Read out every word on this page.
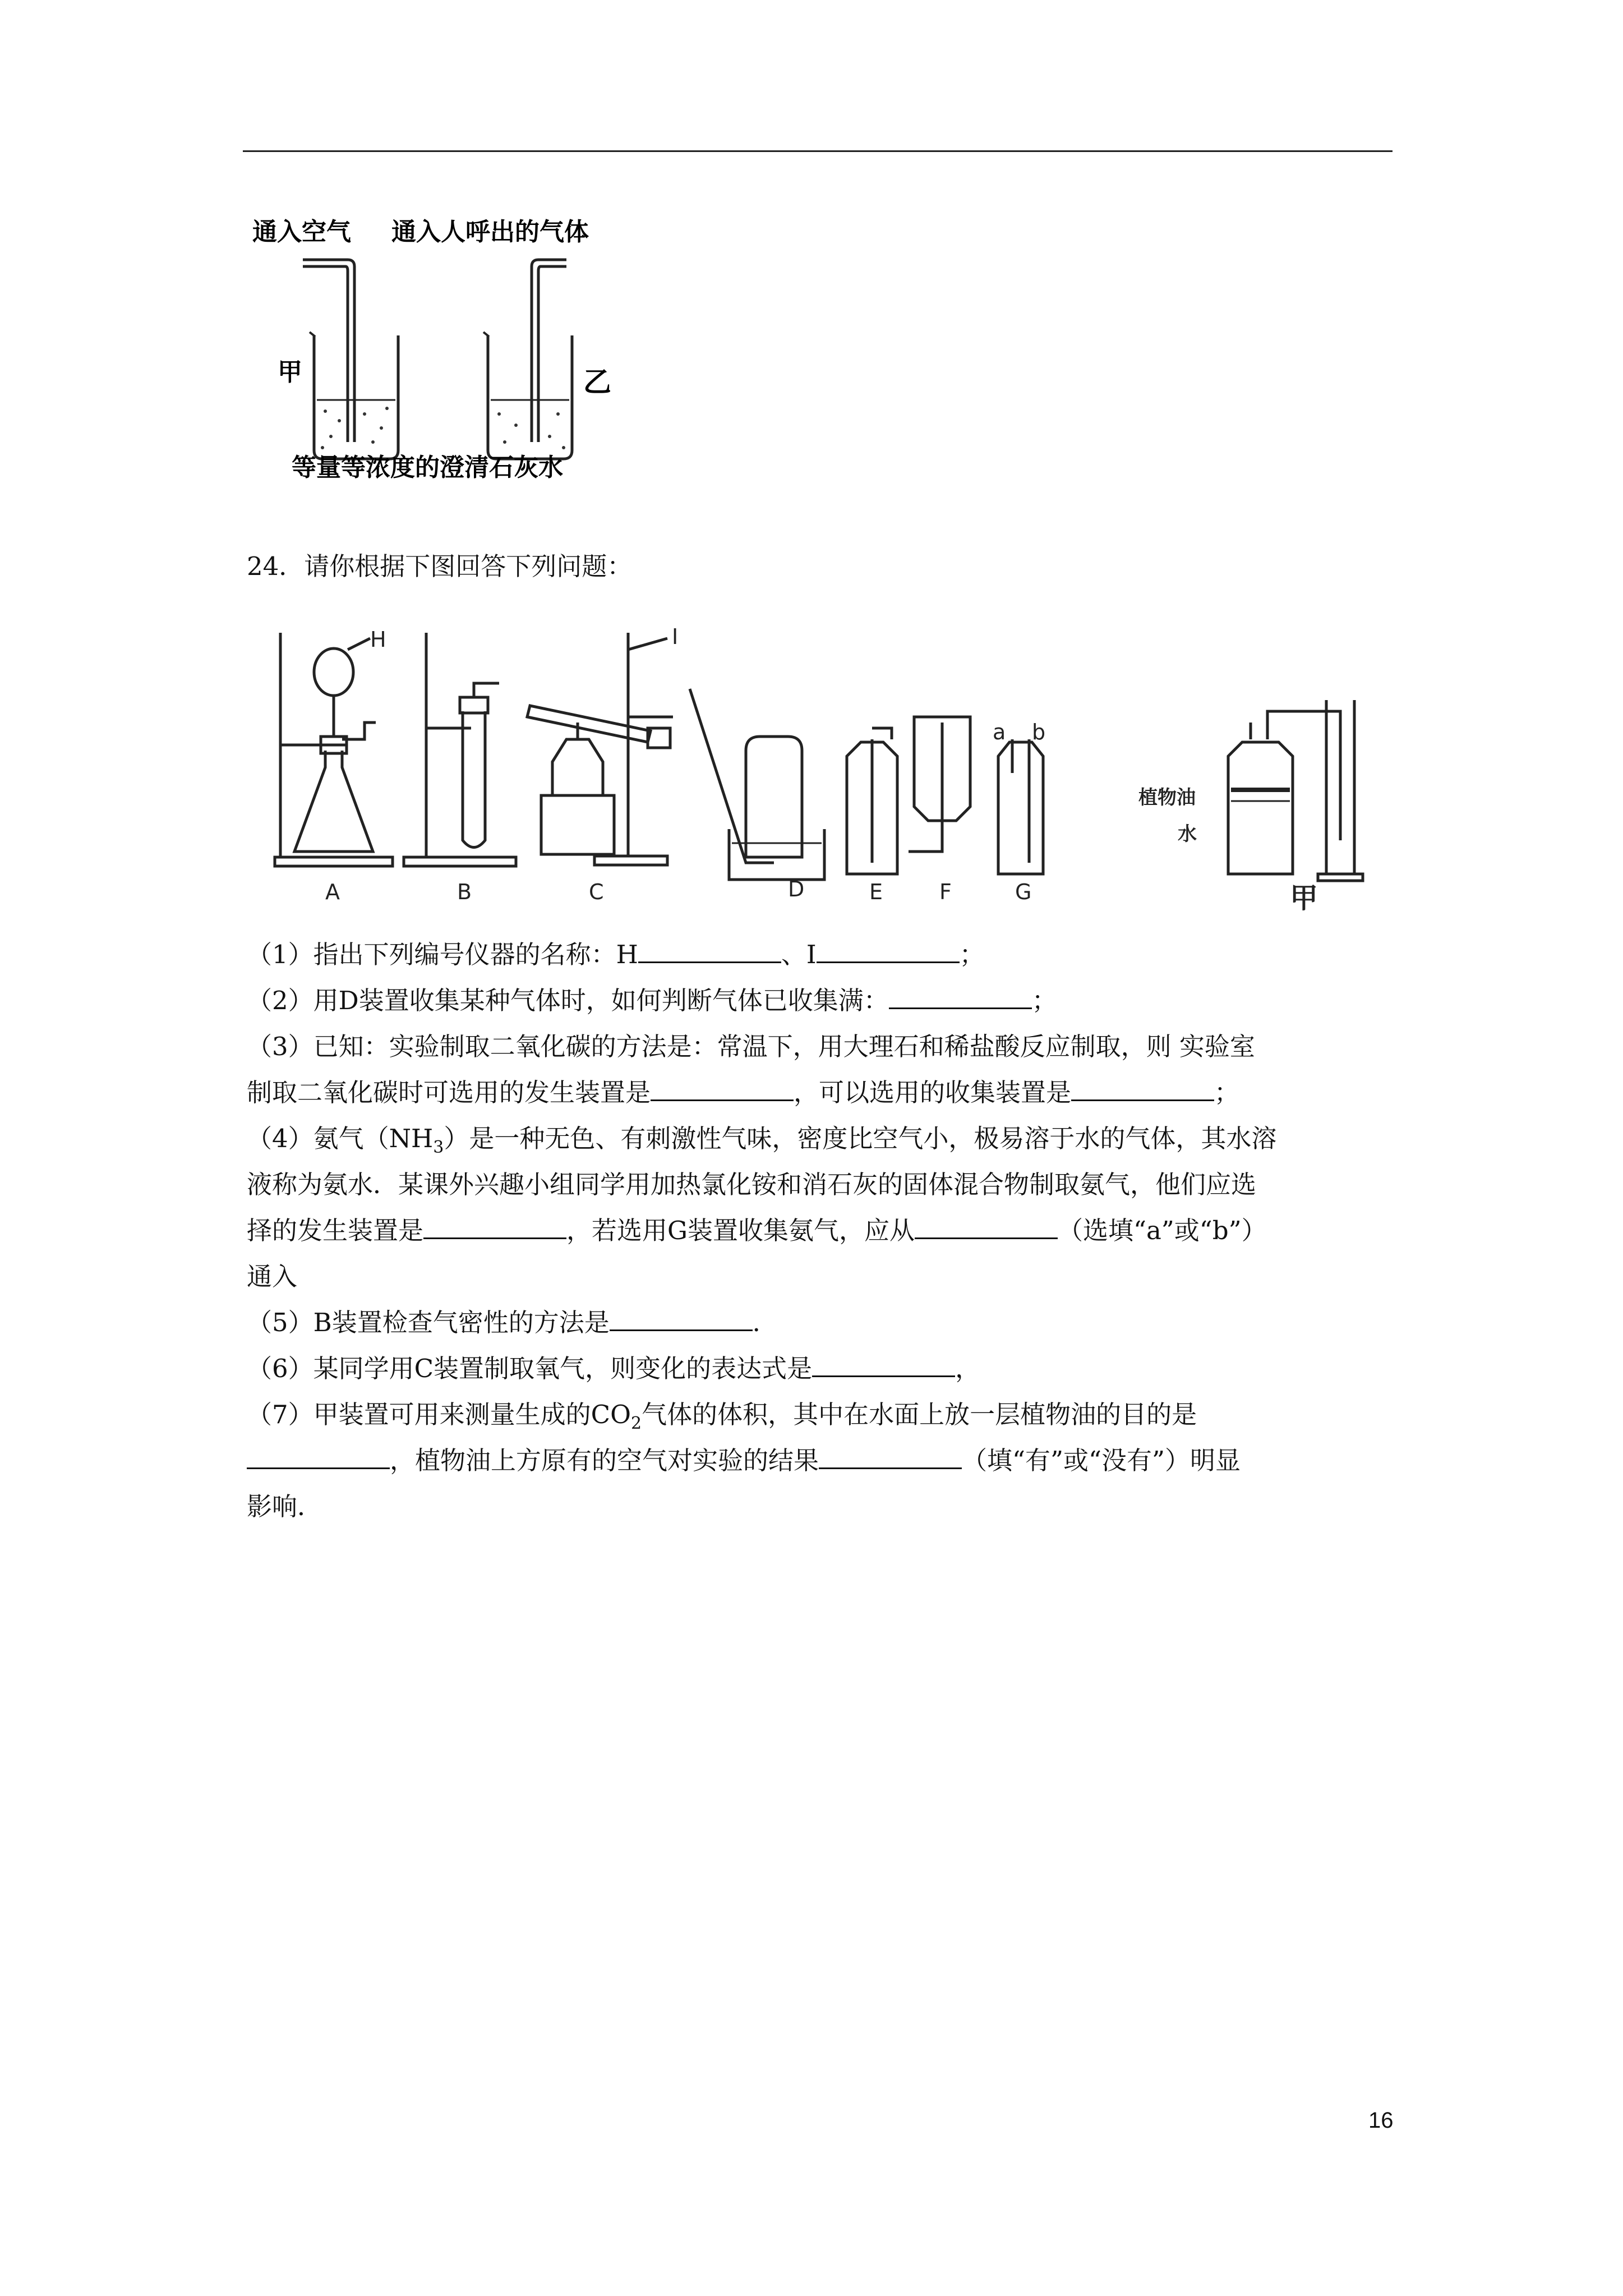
通入空气 通入人呼出的气体
甲	乙
等量等浓度的澄清石灰水
24．请你根据下图回答下列问题：
H	I
a b
植物油
水
A	B	C	D	E	F	G	甲
（1）指出下列编号仪器的名称：H	、I	；
（2）用D装置收集某种气体时，如何判断气体已收集满：	；
（3）已知：实验制取二氧化碳的方法是：常温下，用大理石和稀盐酸反应制取，则 实验室
制取二氧化碳时可选用的发生装置是	，可以选用的收集装置是	；
（4）氨气$(NH_3)$是一种无色、有刺激性气味，密度比空气小，极易溶于水的气体，其水溶
液称为氨水．某课外兴趣小组同学用加热氯化铵和消石灰的固体混合物制取氨气，他们应选
择的发生装置是	，若选用G装置收集氨气，应从	（选填“a”或“b”）
通入
（5）B装置检查气密性的方法是	．
（6）某同学用C装置制取氧气，则变化的表达式是	，
（7）甲装置可用来测量生成的$CO_2$气体的体积，其中在水面上放一层植物油的目的是
，植物油上方原有的空气对实验的结果	（填“有”或“没有”）明显
影响．
16
